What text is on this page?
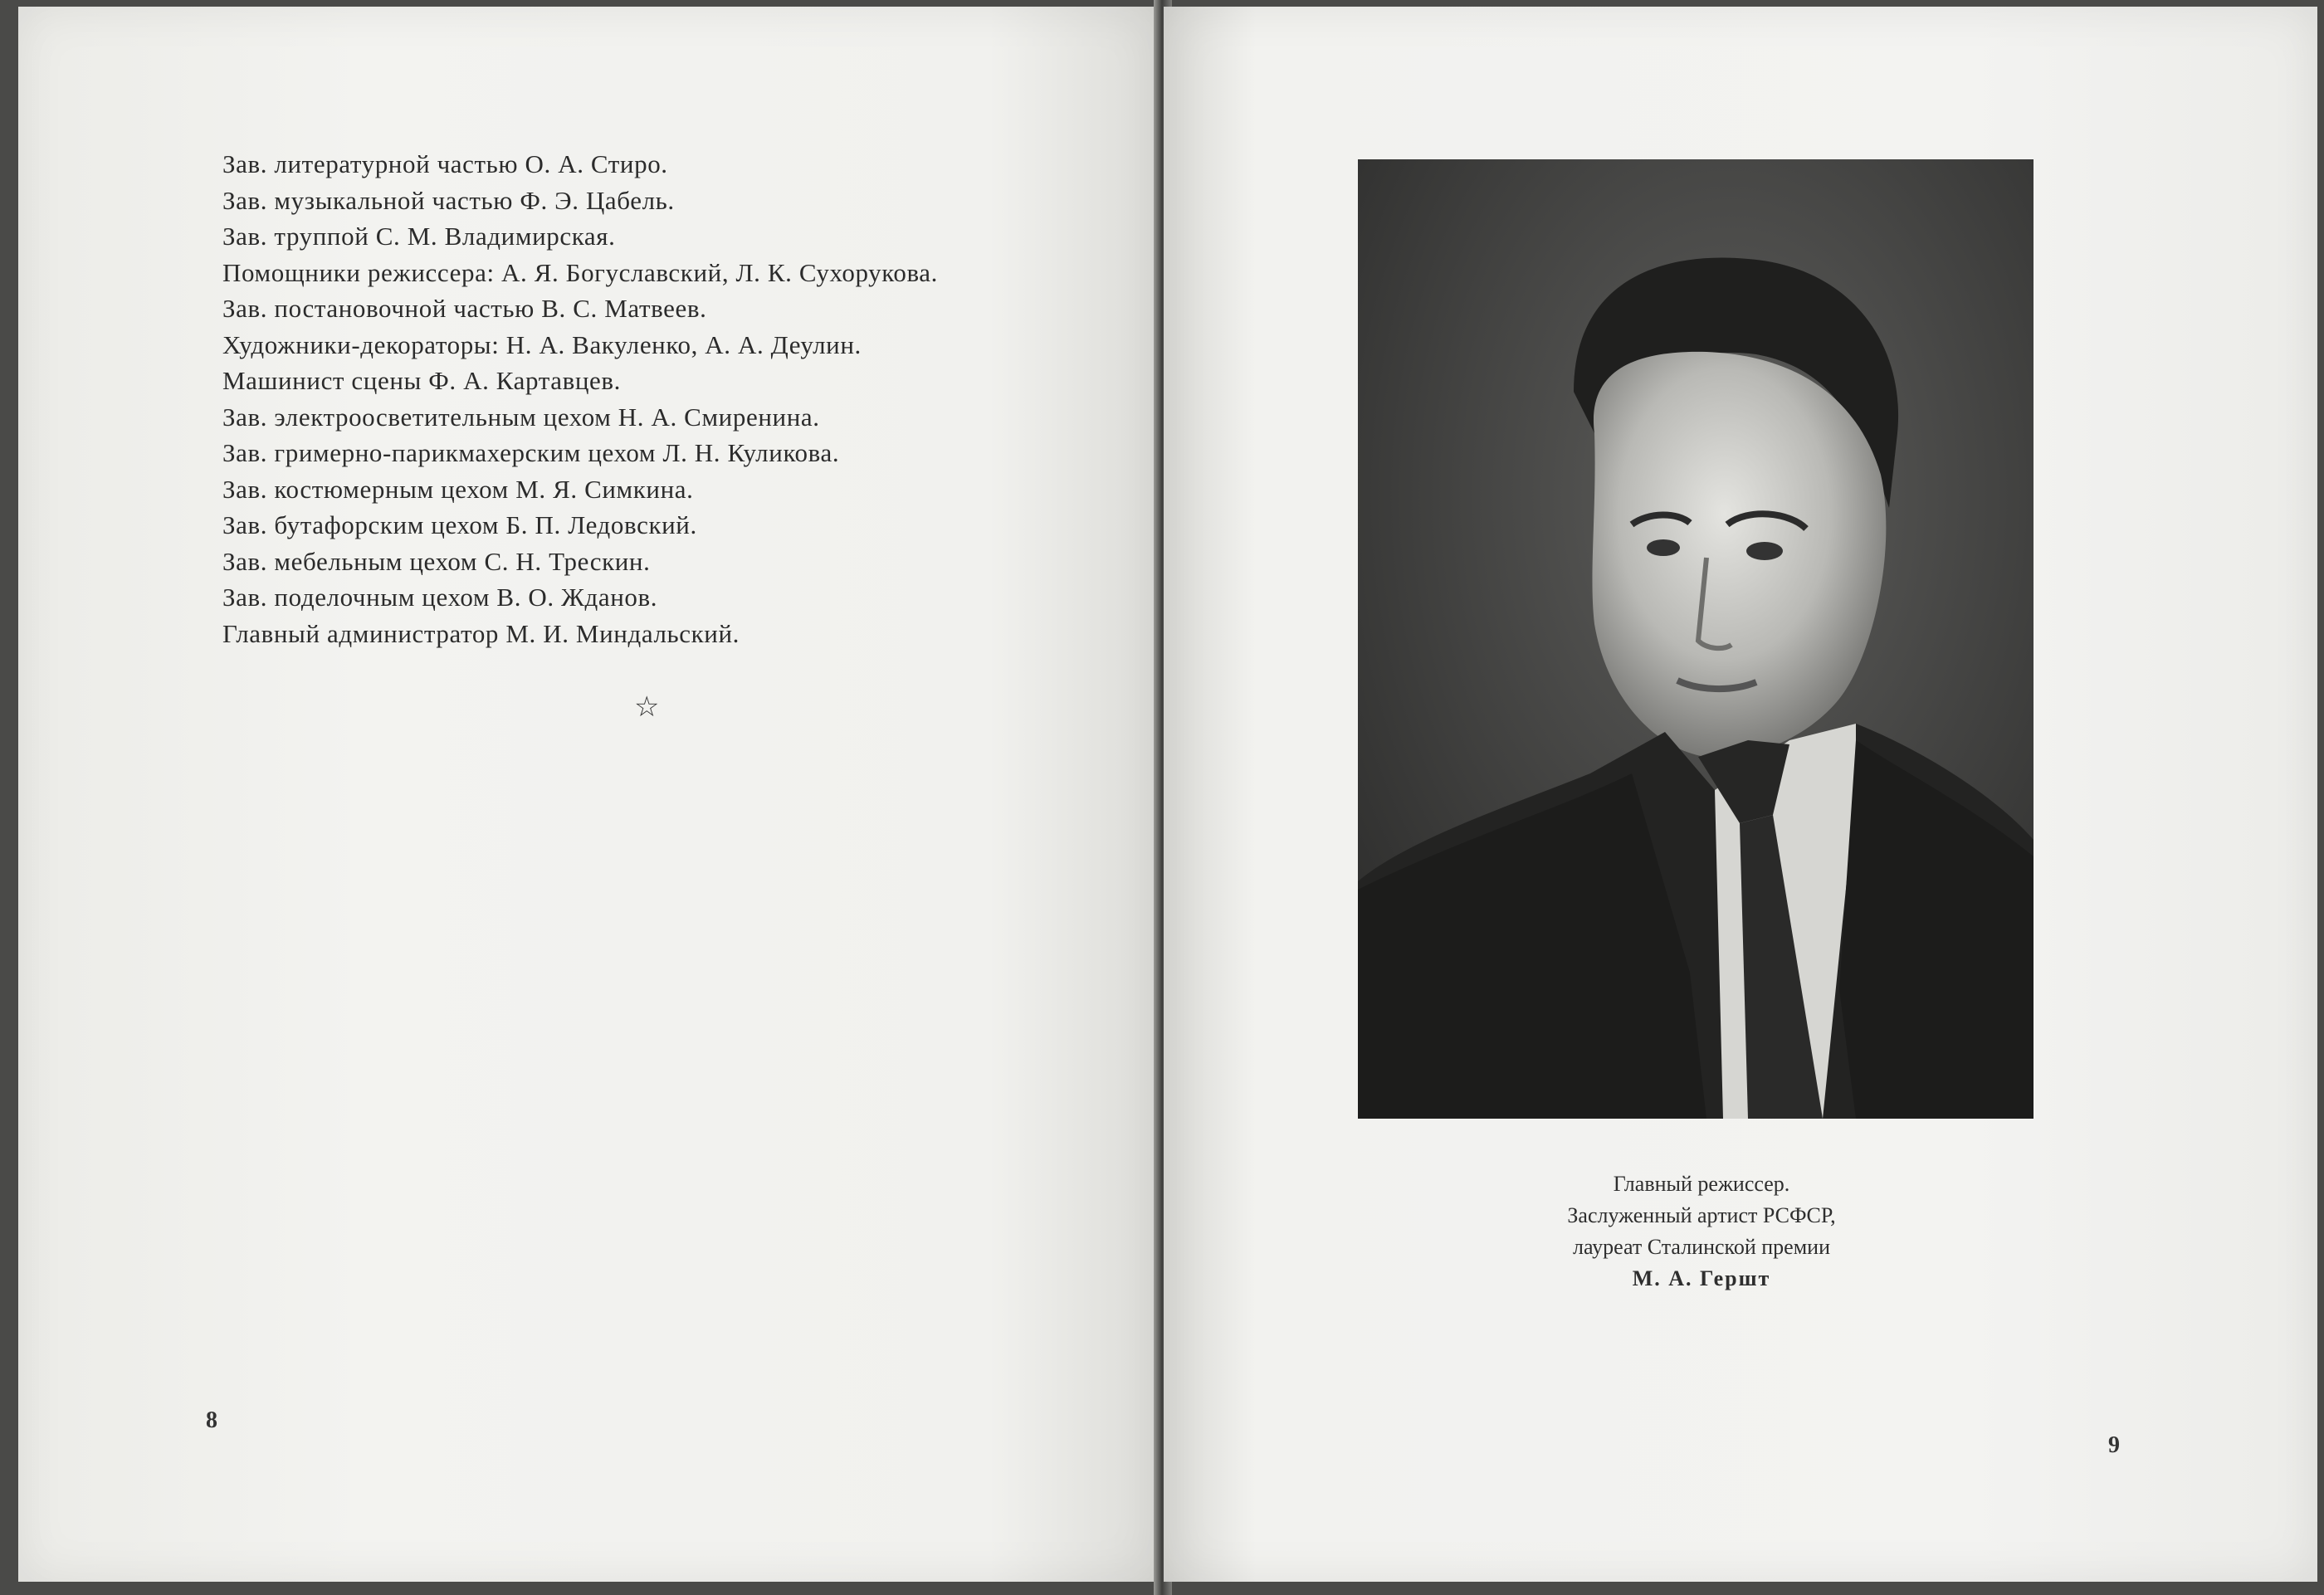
Зав. литературной частью О. А. Стиро.
Зав. музыкальной частью Ф. Э. Цабель.
Зав. труппой С. М. Владимирская.
Помощники режиссера: А. Я. Богуславский, Л. К. Сухорукова.
Зав. постановочной частью В. С. Матвеев.
Художники-декораторы: Н. А. Вакуленко, А. А. Деулин.
Машинист сцены Ф. А. Картавцев.
Зав. электроосветительным цехом Н. А. Смиренина.
Зав. гримерно-парикмахерским цехом Л. Н. Куликова.
Зав. костюмерным цехом М. Я. Симкина.
Зав. бутафорским цехом Б. П. Ледовский.
Зав. мебельным цехом С. Н. Трескин.
Зав. поделочным цехом В. О. Жданов.
Главный администратор М. И. Миндальский.
☆
8
Главный режиссер.
Заслуженный артист РСФСР,
лауреат Сталинской премии
М. А. Гершт
9
